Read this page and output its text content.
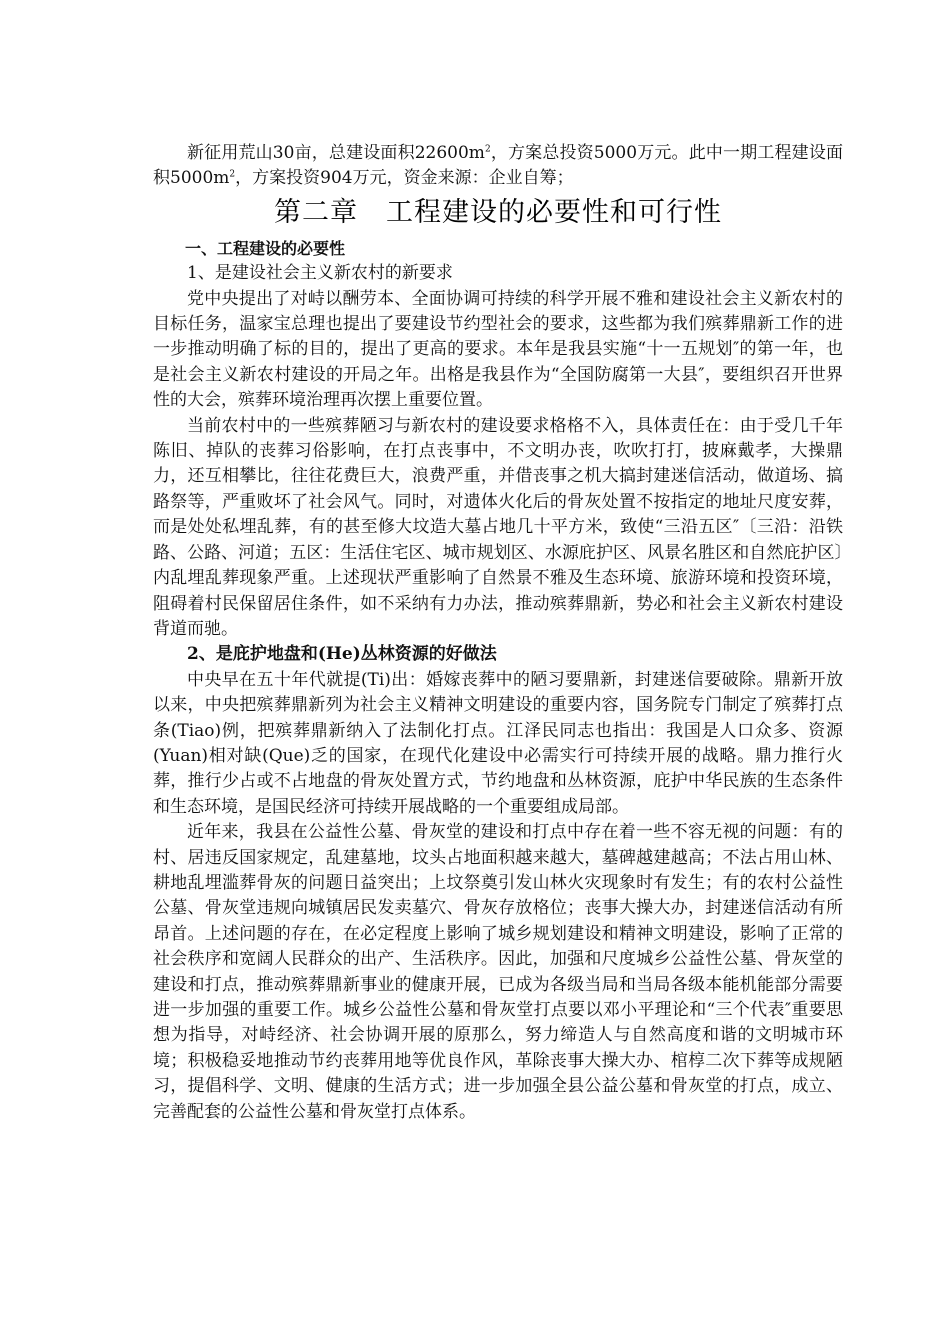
新征用荒山30亩，总建设面积$22600m^2$，方案总投资5000万元。此中一期工程建设面积$5000m^2$，方案投资904万元，资金来源：企业自筹；

第二章　工程建设的必要性和可行性

一、工程建设的必要性

1、是建设社会主义新农村的新要求

党中央提出了对峙以酬劳本、全面协调可持续的科学开展不雅和建设社会主义新农村的目标任务，温家宝总理也提出了要建设节约型社会的要求，这些都为我们殡葬鼎新工作的进一步推动明确了标的目的，提出了更高的要求。本年是我县实施“十一五规划″的第一年，也是社会主义新农村建设的开局之年。出格是我县作为“全国防腐第一大县″，要组织召开世界性的大会，殡葬环境治理再次摆上重要位置。

当前农村中的一些殡葬陋习与新农村的建设要求格格不入，具体责任在：由于受几千年陈旧、掉队的丧葬习俗影响，在打点丧事中，不文明办丧，吹吹打打，披麻戴孝，大操鼎力，还互相攀比，往往花费巨大，浪费严重，并借丧事之机大搞封建迷信活动，做道场、搞路祭等，严重败坏了社会风气。同时，对遗体火化后的骨灰处置不按指定的地址尺度安葬，而是处处私埋乱葬，有的甚至修大坟造大墓占地几十平方米，致使“三沿五区″〔三沿：沿铁路、公路、河道；五区：生活住宅区、城市规划区、水源庇护区、风景名胜区和自然庇护区〕内乱埋乱葬现象严重。上述现状严重影响了自然景不雅及生态环境、旅游环境和投资环境，阻碍着村民保留居住条件，如不采纳有力办法，推动殡葬鼎新，势必和社会主义新农村建设背道而驰。

2、是庇护地盘和(He)丛林资源的好做法

中央早在五十年代就提(Ti)出：婚嫁丧葬中的陋习要鼎新，封建迷信要破除。鼎新开放以来，中央把殡葬鼎新列为社会主义精神文明建设的重要内容，国务院专门制定了殡葬打点条(Tiao)例，把殡葬鼎新纳入了法制化打点。江泽民同志也指出：我国是人口众多、资源(Yuan)相对缺(Que)乏的国家，在现代化建设中必需实行可持续开展的战略。鼎力推行火葬，推行少占或不占地盘的骨灰处置方式，节约地盘和丛林资源，庇护中华民族的生态条件和生态环境，是国民经济可持续开展战略的一个重要组成局部。

近年来，我县在公益性公墓、骨灰堂的建设和打点中存在着一些不容无视的问题：有的村、居违反国家规定，乱建墓地，坟头占地面积越来越大，墓碑越建越高；不法占用山林、耕地乱埋滥葬骨灰的问题日益突出；上坟祭奠引发山林火灾现象时有发生；有的农村公益性公墓、骨灰堂违规向城镇居民发卖墓穴、骨灰存放格位；丧事大操大办，封建迷信活动有所昂首。上述问题的存在，在必定程度上影响了城乡规划建设和精神文明建设，影响了正常的社会秩序和宽阔人民群众的出产、生活秩序。因此，加强和尺度城乡公益性公墓、骨灰堂的建设和打点，推动殡葬鼎新事业的健康开展，已成为各级当局和当局各级本能机能部分需要进一步加强的重要工作。城乡公益性公墓和骨灰堂打点要以邓小平理论和“三个代表″重要思想为指导，对峙经济、社会协调开展的原那么，努力缔造人与自然高度和谐的文明城市环境；积极稳妥地推动节约丧葬用地等优良作风，革除丧事大操大办、棺椁二次下葬等成规陋习，提倡科学、文明、健康的生活方式；进一步加强全县公益公墓和骨灰堂的打点，成立、完善配套的公益性公墓和骨灰堂打点体系。
